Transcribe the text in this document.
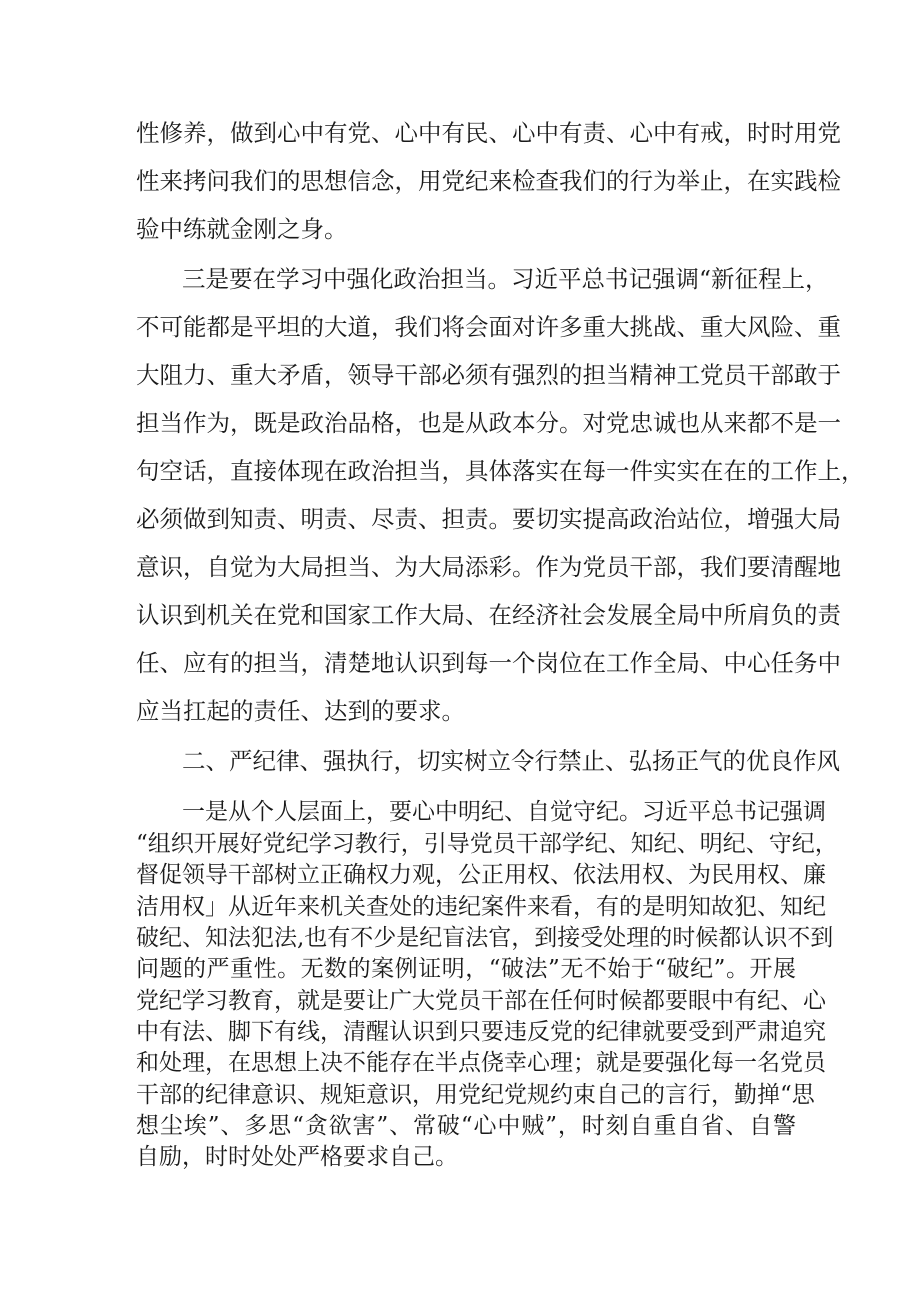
性修养，做到心中有党、心中有民、心中有责、心中有戒，时时用党
性来拷问我们的思想信念，用党纪来检查我们的行为举止，在实践检
验中练就金刚之身。
三是要在学习中强化政治担当。习近平总书记强调“新征程上，
不可能都是平坦的大道，我们将会面对许多重大挑战、重大风险、重
大阻力、重大矛盾，领导干部必须有强烈的担当精神工党员干部敢于
担当作为，既是政治品格，也是从政本分。对党忠诚也从来都不是一
句空话，直接体现在政治担当，具体落实在每一件实实在在的工作上，
必须做到知责、明责、尽责、担责。要切实提高政治站位，增强大局
意识，自觉为大局担当、为大局添彩。作为党员干部，我们要清醒地
认识到机关在党和国家工作大局、在经济社会发展全局中所肩负的责
任、应有的担当，清楚地认识到每一个岗位在工作全局、中心任务中
应当扛起的责任、达到的要求。
二、严纪律、强执行，切实树立令行禁止、弘扬正气的优良作风
一是从个人层面上，要心中明纪、自觉守纪。习近平总书记强调
“组织开展好党纪学习教行，引导党员干部学纪、知纪、明纪、守纪，
督促领导干部树立正确权力观，公正用权、依法用权、为民用权、廉
洁用权」从近年来机关查处的违纪案件来看，有的是明知故犯、知纪
破纪、知法犯法,也有不少是纪盲法官，到接受处理的时候都认识不到
问题的严重性。无数的案例证明，“破法”无不始于“破纪”。开展
党纪学习教育，就是要让广大党员干部在任何时候都要眼中有纪、心
中有法、脚下有线，清醒认识到只要违反党的纪律就要受到严肃追究
和处理，在思想上决不能存在半点侥幸心理；就是要强化每一名党员
干部的纪律意识、规矩意识，用党纪党规约束自己的言行，勤掸“思
想尘埃”、多思“贪欲害”、常破“心中贼”，时刻自重自省、自警
自励，时时处处严格要求自己。
